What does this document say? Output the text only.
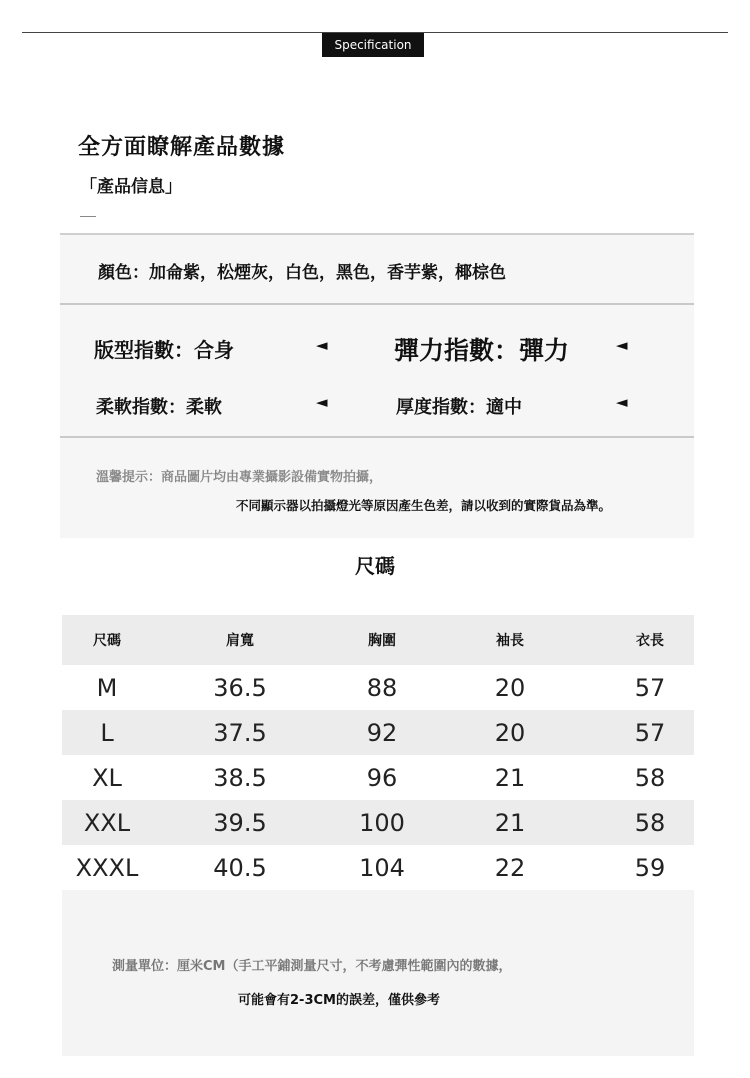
Specification
全方面瞭解產品數據
「產品信息」
顏色：加侖紫，松煙灰，白色，黑色，香芋紫，椰棕色
版型指數：合身	◄	彈力指數：彈力	◄
柔軟指數：柔軟	◄	厚度指數：適中	◄
溫馨提示：商品圖片均由專業攝影設備實物拍攝，
不同顯示器以拍攝燈光等原因產生色差，請以收到的實際貨品為準。
尺碼
尺碼	肩寬	胸圍	袖長	衣長
M	36.5	88	20	57
L	37.5	92	20	57
XL	38.5	96	21	58
XXL	39.5	100	21	58
XXXL	40.5	104	22	59
測量單位：厘米CM（手工平鋪測量尺寸，不考慮彈性範圍內的數據，
可能會有2-3CM的誤差，僅供參考
